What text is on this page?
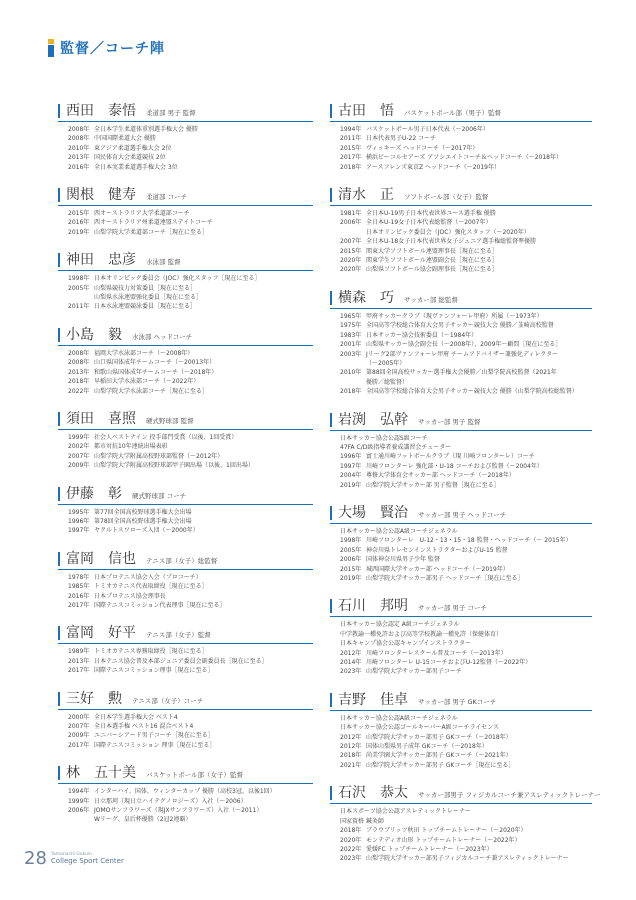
監督／コーチ陣
西田　泰悟 柔道部 男子 監督
2008年 全日本学生柔道体重別選手権大会 優勝
2008年 中国国際柔道大会 優勝
2010年 東アジア柔道選手権大会 2位
2013年 国民体育大会柔道競技 2位
2016年 全日本実業柔道選手権大会 3位
関根　健寿 柔道部 コーチ
2015年 西オーストラリア大学柔道部コーチ
2016年 西オーストラリア州柔道連盟ステイトコーチ
2019年 山梨学院大学柔道部コーチ［現在に至る］
神田　忠彦 水泳部 監督
1998年 日本オリンピック委員会（JOC）強化スタッフ［現在に至る］
2005年 山梨県競技力対策委員［現在に至る］
山梨県水泳連盟強化委員［現在に至る］
2011年 日本水泳連盟競泳委員［現在に至る］
小島　毅 水泳部 ヘッドコーチ
2008年 福岡大学水泳部コーチ（～2008年）
2008年 山口県国体成年チームコーチ（～20013年）
2013年 和歌山県国体成年チームコーチ（～2018年）
2018年 早稲田大学水泳部コーチ（～2022年）
2022年 山梨学院大学水泳部コーチ［現在に至る］
須田　喜照 硬式野球部 監督
1999年 社会人ベストナイン 投手部門受賞（以後、1回受賞）
2002年 都市対抗10年連続出場表彰
2007年 山梨学院大学附属高校野球部監督（～2012年）
2009年 山梨学院大学附属高校野球部甲子園出場（以後、1回出場）
伊藤　彰 硬式野球部 コーチ
1995年 第77回全国高校野球選手権大会出場
1996年 第78回全国高校野球選手権大会出場
1997年 ヤクルトスワローズ入団（～2000年）
富岡　信也 テニス部（女子）総監督
1978年 日本プロテニス協会入会（プロコーチ）
1985年 トミオカテニス代表取締役［現在に至る］
2016年 日本プロテニス協会理事長
2017年 国際テニスコミッション代表理事［現在に至る］
富岡　好平 テニス部（女子）監督
1989年 トミオカテニス専務取締役［現在に至る］
2013年 日本テニス協会普及本部ジュニア委員会副委員長［現在に至る］
2017年 国際テニスコミッション理事［現在に至る］
三好　勲 テニス部（女子）コーチ
2000年 全日本学生選手権大会 ベスト4
2007年 全日本選手権 ベスト16 混合ベスト4
2009年 ユニバーシアード男子コーチ［現在に至る］
2017年 国際テニスコミッション 理事［現在に至る］
林　五十美 バスケットボール部（女子）監督
1994年 インターハイ、国体、ウィンターカップ 優勝（高校3冠、以後1回）
1999年 日立那珂（現日立ハイテクノロジーズ）入社（～2006）
2006年 JOMOサンフラワーズ（現JXサンフラワーズ）入社（～2011）
Wリーグ、皇后杯優勝（2冠2連覇）
古田　悟 バスケットボール部（男子）監督
1994年 バスケットボール男子日本代表（～2006年）
2011年 日本代表男子U-22 コーチ
2015年 ヴィッキーズ ヘッドコーチ（～2017年）
2017年 横浜ビーコルセアーズ アソシエイトコーチ＆ヘッドコーチ（～2018年）
2018年 アースフレンズ東京Z ヘッドコーチ（～2019年）
清水　正 ソフトボール部（女子）監督
1981年 全日本U-19男子日本代表世界ユース選手権 優勝
2006年 全日本U-19女子日本代表総監督（～2007年）
日本オリンピック委員会（JOC）強化スタッフ（～2020年）
2007年 全日本U-18女子日本代表世界女子ジュニア選手権総監督準優勝
2015年 関東大学ソフトボール連盟理事長［現在に至る］
2020年 関東学生ソフトボール連盟副会長［現在に至る］
2020年 山梨県ソフトボール協会副理事長［現在に至る］
横森　巧 サッカー部 総監督
1965年 甲府サッカークラブ（現ヴァンフォーレ甲府）所属（～1973年）
1975年 全国高等学校総合体育大会男子サッカー競技大会 優勝／韮崎高校監督
1983年 日本サッカー協会技術委員（～1984年）
2001年 山梨県サッカー協会副会長（～2008年）、2009年～顧問［現在に至る］
2003年 Jリーグ2部ヴァンフォーレ甲府 チームアドバイザー兼強化ディレクター
（～2005年）
2010年 第88回全国高校サッカー選手権大会優勝／山梨学院高校監督（2021年
優勝／総監督）
2018年 全国高等学校総合体育大会男子サッカー競技大会 優勝（山梨学院高校総監督）
岩渕　弘幹 サッカー部 男子 監督
日本サッカー協会公認S級コーチ
47FA C/D級指導者養成講習会チューター
1996年 富士通川崎フットボールクラブ（現 川崎フロンターレ）コーチ
1997年 川崎フロンターレ 強化部・U-18 コーチおよび監督（～2004年）
2004年 尊修大学体育会サッカー部 ヘッドコーチ（～2018年）
2019年 山梨学院大学サッカー部 男子監督［現在に至る］
大場　賢治 サッカー部 男子 ヘッドコーチ
日本サッカー協会公認A級コーチジェネラル
1998年 川崎フロンターレ　U-12・13・15・18 監督・ヘッドコーチ（～ 2015年）
2005年 神奈川県トレセンインストラクターおよびU-15 監督
2006年 国体神奈川県男子少年 監督
2015年 城西国際大学サッカー部 ヘッドコーチ（～2019年）
2019年 山梨学院大学サッカー部男子 ヘッドコーチ［現在に至る］
石川　邦明 サッカー部 男子 コーチ
日本サッカー協会認定 A級コーチジェネラル
中学教諭一種免許および高等学校教諭一種免許（保健体育）
日本キャンプ協会公認キャンプインストラクター
2012年 川崎フロンターレスクール普及コーチ（～2013年）
2014年 川崎フロンターレ U-15コーチおよびU-12監督（～2022年）
2023年 山梨学院大学サッカー部男子コーチ
吉野　佳卓 サッカー部 男子 GKコーチ
日本サッカー協会公認A級コーチジェネラル
日本サッカー協会公認ゴールキーパーA級コーチライセンス
2012年 山梨学院大学サッカー部男子 GKコーチ（～2018年）
2012年 国体山梨県男子成年 GKコーチ（～2018年）
2018年 尚美学園大学サッカー部男子 GKコーチ（～2021年）
2021年 山梨学院大学サッカー部男子 GKコーチ［現在に至る］
石沢　恭太 サッカー部男子 フィジカルコーチ兼アスレティックトレーナー
日本スポーツ協会公認アスレティックトレーナー
国家資格 鍼灸師
2018年 ブラウブリッツ秋田 トップチームトレーナー（～2020年）
2020年 モンテディオ山形 トップチームトレーナー（～2022年）
2022年 愛媛FC トップチームトレーナー（～2023年）
2023年 山梨学院大学サッカー部男子フィジカルコーチ兼アスレティックトレーナー
28 Yamanashi Gakuin
College Sport Center
